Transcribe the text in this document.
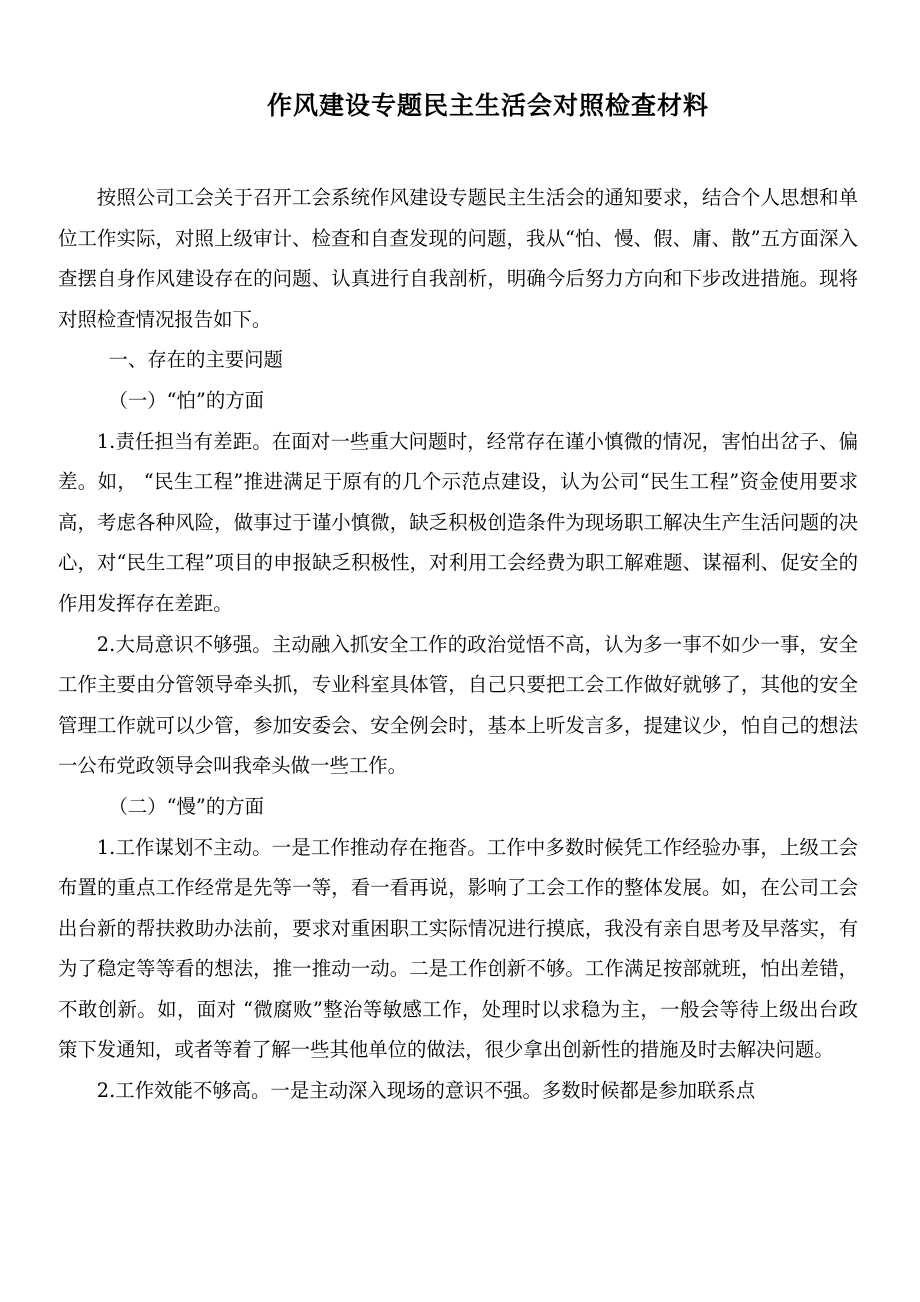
作风建设专题民主生活会对照检查材料

按照公司工会关于召开工会系统作风建设专题民主生活会的通知要求，结合个人思想和单位工作实际，对照上级审计、检查和自查发现的问题，我从“怕、慢、假、庸、散”五方面深入查摆自身作风建设存在的问题、认真进行自我剖析，明确今后努力方向和下步改进措施。现将对照检查情况报告如下。

一、存在的主要问题

（一）“怕”的方面

1.责任担当有差距。在面对一些重大问题时，经常存在谨小慎微的情况，害怕出岔子、偏差。如， “民生工程”推进满足于原有的几个示范点建设，认为公司“民生工程”资金使用要求高，考虑各种风险，做事过于谨小慎微，缺乏积极创造条件为现场职工解决生产生活问题的决心，对“民生工程”项目的申报缺乏积极性，对利用工会经费为职工解难题、谋福利、促安全的作用发挥存在差距。

2.大局意识不够强。主动融入抓安全工作的政治觉悟不高，认为多一事不如少一事，安全工作主要由分管领导牵头抓，专业科室具体管，自己只要把工会工作做好就够了，其他的安全管理工作就可以少管，参加安委会、安全例会时，基本上听发言多，提建议少，怕自己的想法一公布党政领导会叫我牵头做一些工作。

（二）“慢”的方面

1.工作谋划不主动。一是工作推动存在拖沓。工作中多数时候凭工作经验办事，上级工会布置的重点工作经常是先等一等，看一看再说，影响了工会工作的整体发展。如，在公司工会出台新的帮扶救助办法前，要求对重困职工实际情况进行摸底，我没有亲自思考及早落实，有为了稳定等等看的想法，推一推动一动。二是工作创新不够。工作满足按部就班，怕出差错，不敢创新。如，面对 “微腐败”整治等敏感工作，处理时以求稳为主，一般会等待上级出台政策下发通知，或者等着了解一些其他单位的做法，很少拿出创新性的措施及时去解决问题。

2.工作效能不够高。一是主动深入现场的意识不强。多数时候都是参加联系点
